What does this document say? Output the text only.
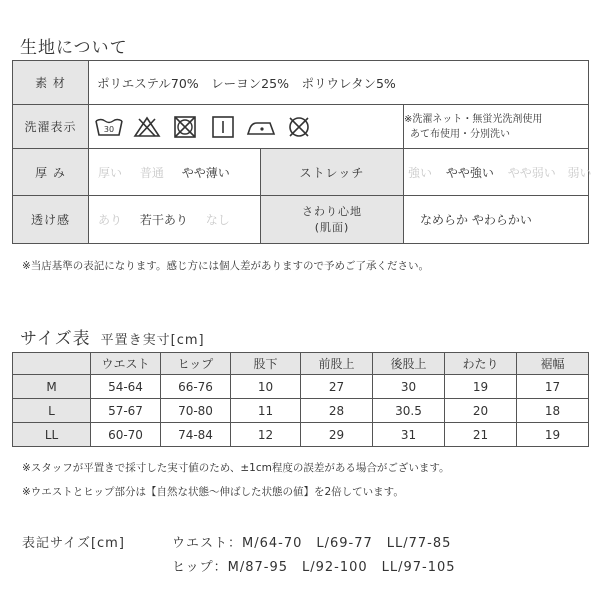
生地について
素 材	ポリエステル70%　レーヨン25%　ポリウレタン5%		
洗濯表示	30		※洗濯ネット・無蛍光洗剤使用
あて布使用・分別洗い

厚 み	厚い 普通 やや薄い	ストレッチ	強い やや強い やや弱い 弱い
透け感	あり 若干あり なし	さわり心地
(肌面)	なめらか やわらかい
※当店基準の表記になります。感じ方には個人差がありますので予めご了承ください。
サイズ表 平置き実寸[cm]
	ウエスト	ヒップ	股下	前股上	後股上	わたり	裾幅
M	54-64	66-76	10	27	30	19	17
L	57-67	70-80	11	28	30.5	20	18
LL	60-70	74-84	12	29	31	21	19
※スタッフが平置きで採寸した実寸値のため、±1cm程度の誤差がある場合がございます。
※ウエストとヒップ部分は【自然な状態〜伸ばした状態の値】を2倍しています。
表記サイズ[cm]	ウエスト：M/64-70　L/69-77　LL/77-85
ヒップ：M/87-95　L/92-100　LL/97-105
